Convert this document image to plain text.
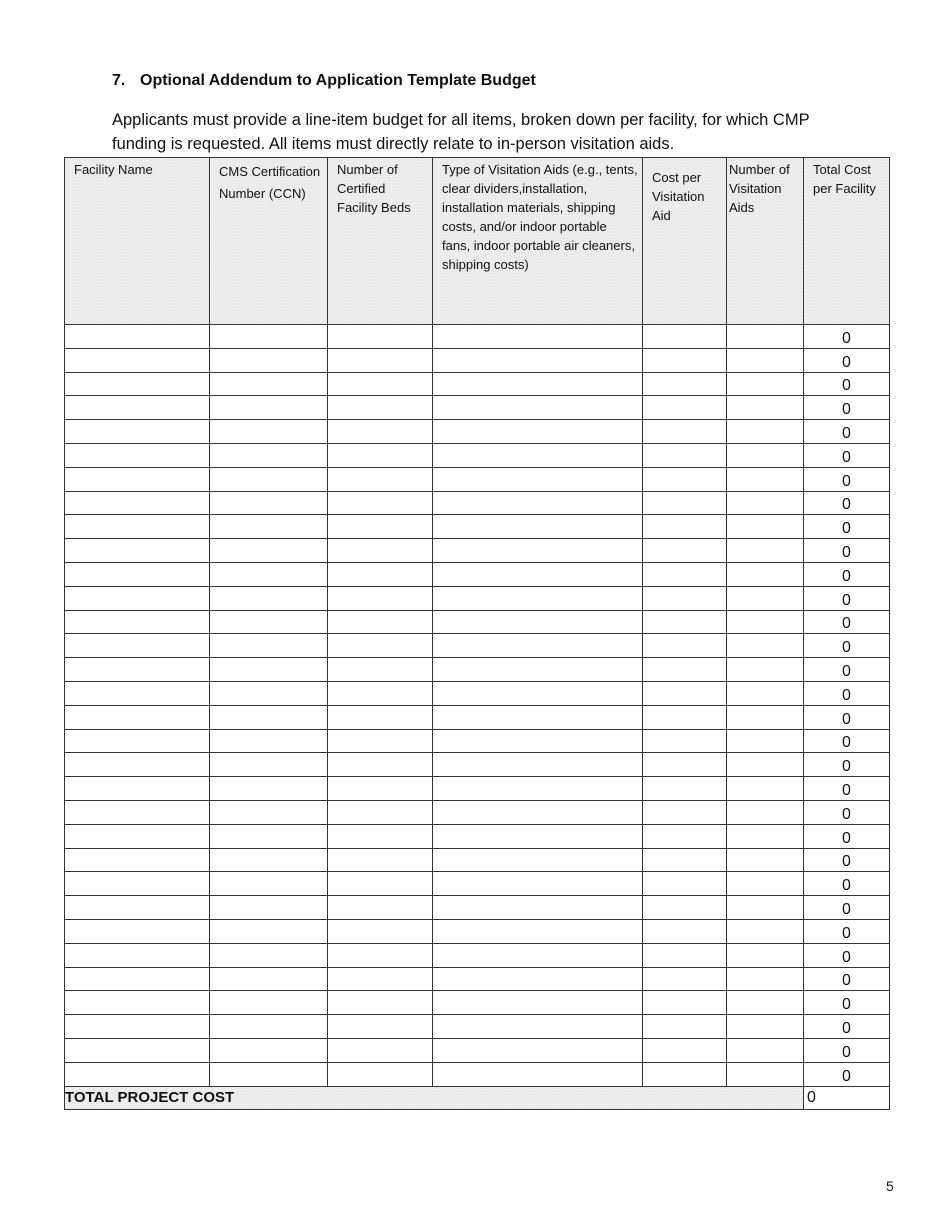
7. Optional Addendum to Application Template Budget
Applicants must provide a line-item budget for all items, broken down per facility, for which CMP funding is requested. All items must directly relate to in-person visitation aids.
Facility Name	CMS Certification Number (CCN)	Number of Certified Facility Beds	Type of Visitation Aids (e.g., tents, clear dividers,installation, installation materials, shipping costs, and/or indoor portable fans, indoor portable air cleaners, shipping costs)	Cost per Visitation Aid	Number of Visitation Aids	Total Cost per Facility
						0
						0
						0
						0
						0
						0
						0
						0
						0
						0
						0
						0
						0
						0
						0
						0
						0
						0
						0
						0
						0
						0
						0
						0
						0
						0
						0
						0
						0
						0
						0
						0
TOTAL PROJECT COST						0
5
